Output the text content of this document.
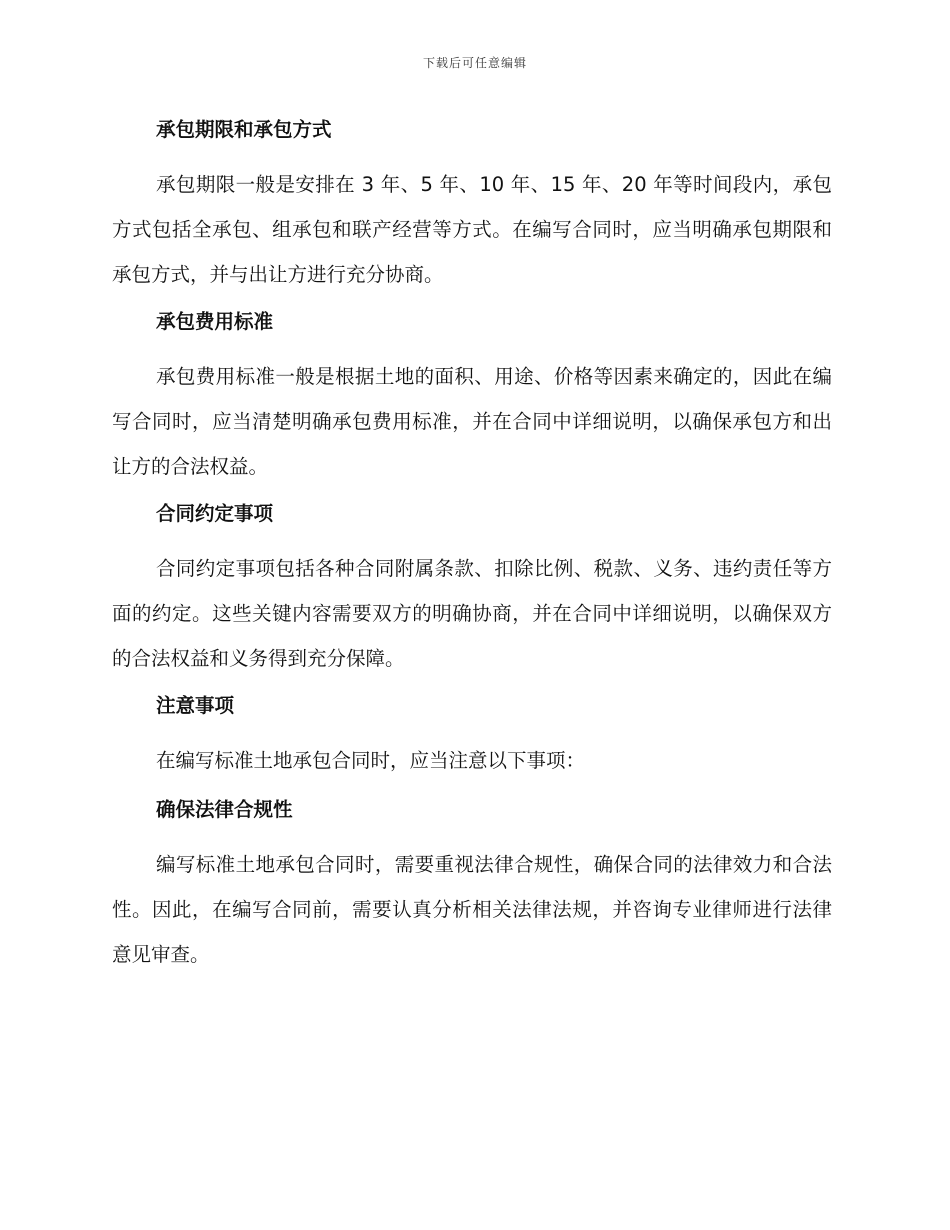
下载后可任意编辑
承包期限和承包方式

承包期限一般是安排在 3 年、5 年、10 年、15 年、20 年等时间段内，承包方式包括全承包、组承包和联产经营等方式。在编写合同时，应当明确承包期限和承包方式，并与出让方进行充分协商。

承包费用标准

承包费用标准一般是根据土地的面积、用途、价格等因素来确定的，因此在编写合同时，应当清楚明确承包费用标准，并在合同中详细说明，以确保承包方和出让方的合法权益。

合同约定事项

合同约定事项包括各种合同附属条款、扣除比例、税款、义务、违约责任等方面的约定。这些关键内容需要双方的明确协商，并在合同中详细说明，以确保双方的合法权益和义务得到充分保障。

注意事项

在编写标准土地承包合同时，应当注意以下事项：

确保法律合规性

编写标准土地承包合同时，需要重视法律合规性，确保合同的法律效力和合法性。因此，在编写合同前，需要认真分析相关法律法规，并咨询专业律师进行法律意见审查。
